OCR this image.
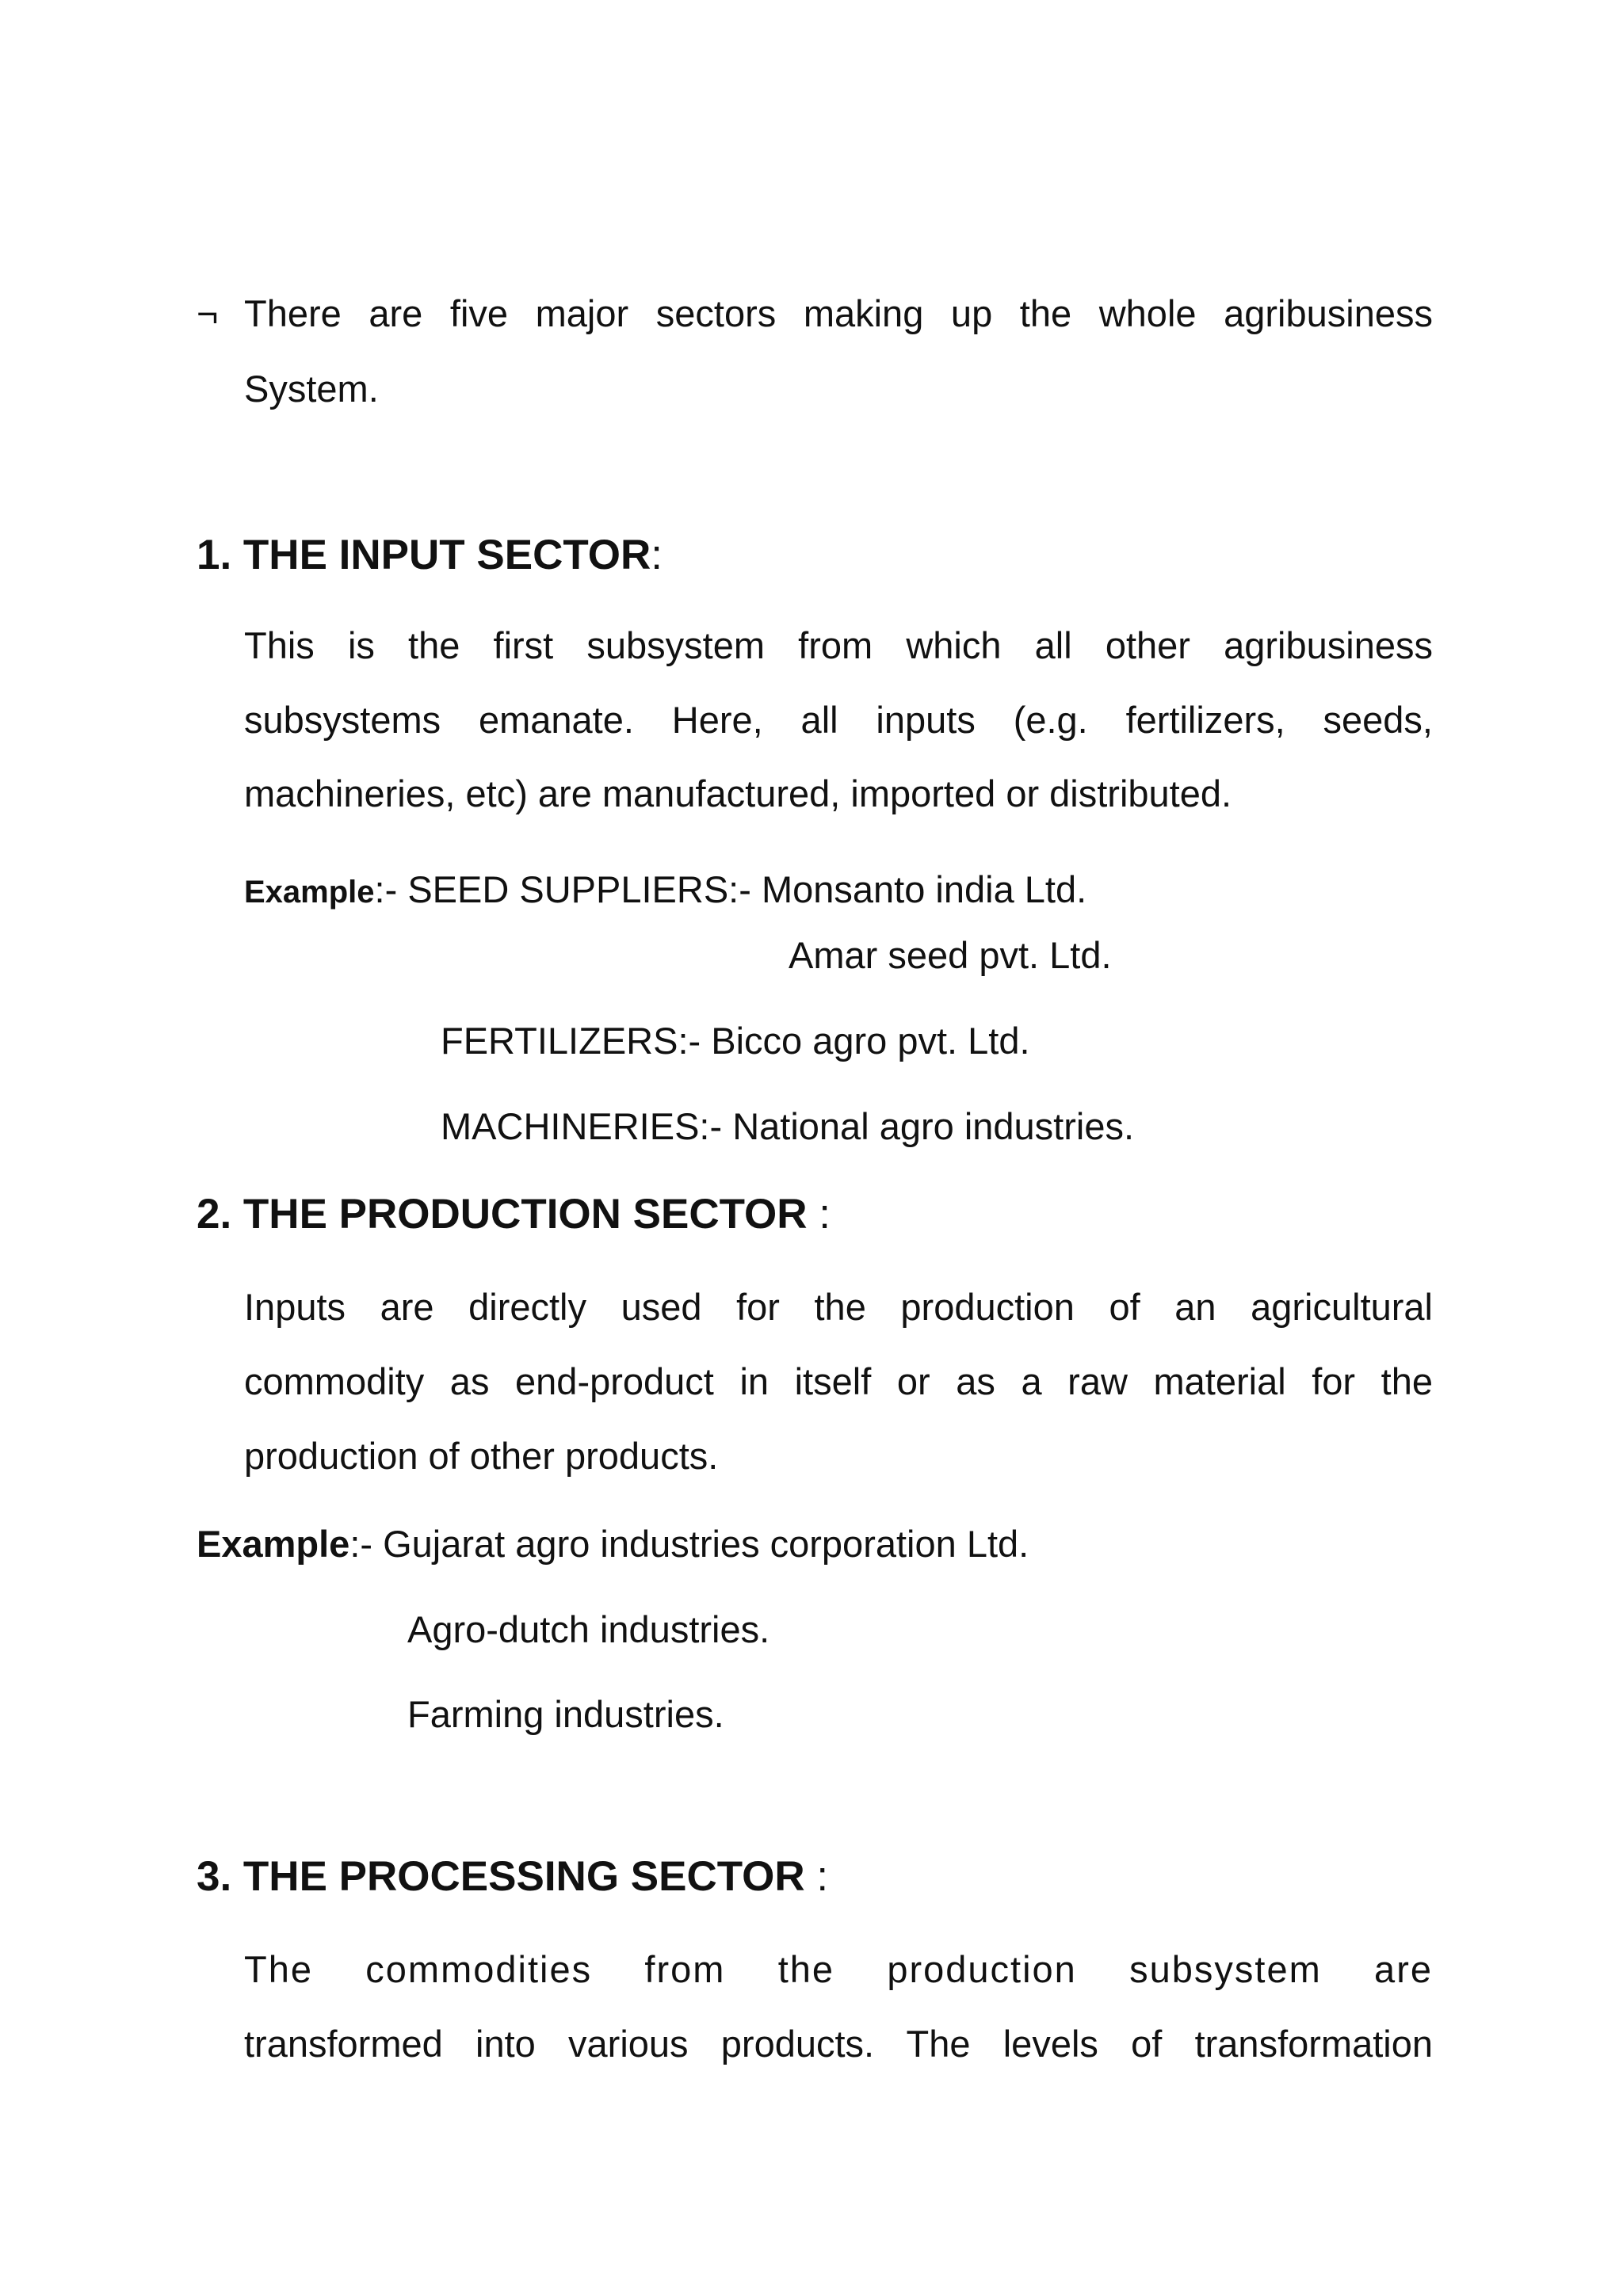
¬ There are five major sectors making up the whole agribusiness
System.
1. THE INPUT SECTOR:
This is the first subsystem from which all other agribusiness
subsystems emanate. Here, all inputs (e.g. fertilizers, seeds,
machineries, etc) are manufactured, imported or distributed.
Example:- SEED SUPPLIERS:- Monsanto india Ltd.
Amar seed pvt. Ltd.
FERTILIZERS:- Bicco agro pvt. Ltd.
MACHINERIES:- National agro industries.
2. THE PRODUCTION SECTOR :
Inputs are directly used for the production of an agricultural
commodity as end-product in itself or as a raw material for the
production of other products.
Example:- Gujarat agro industries corporation Ltd.
Agro-dutch industries.
Farming industries.
3. THE PROCESSING SECTOR :
The commodities from the production subsystem are
transformed into various products. The levels of transformation
